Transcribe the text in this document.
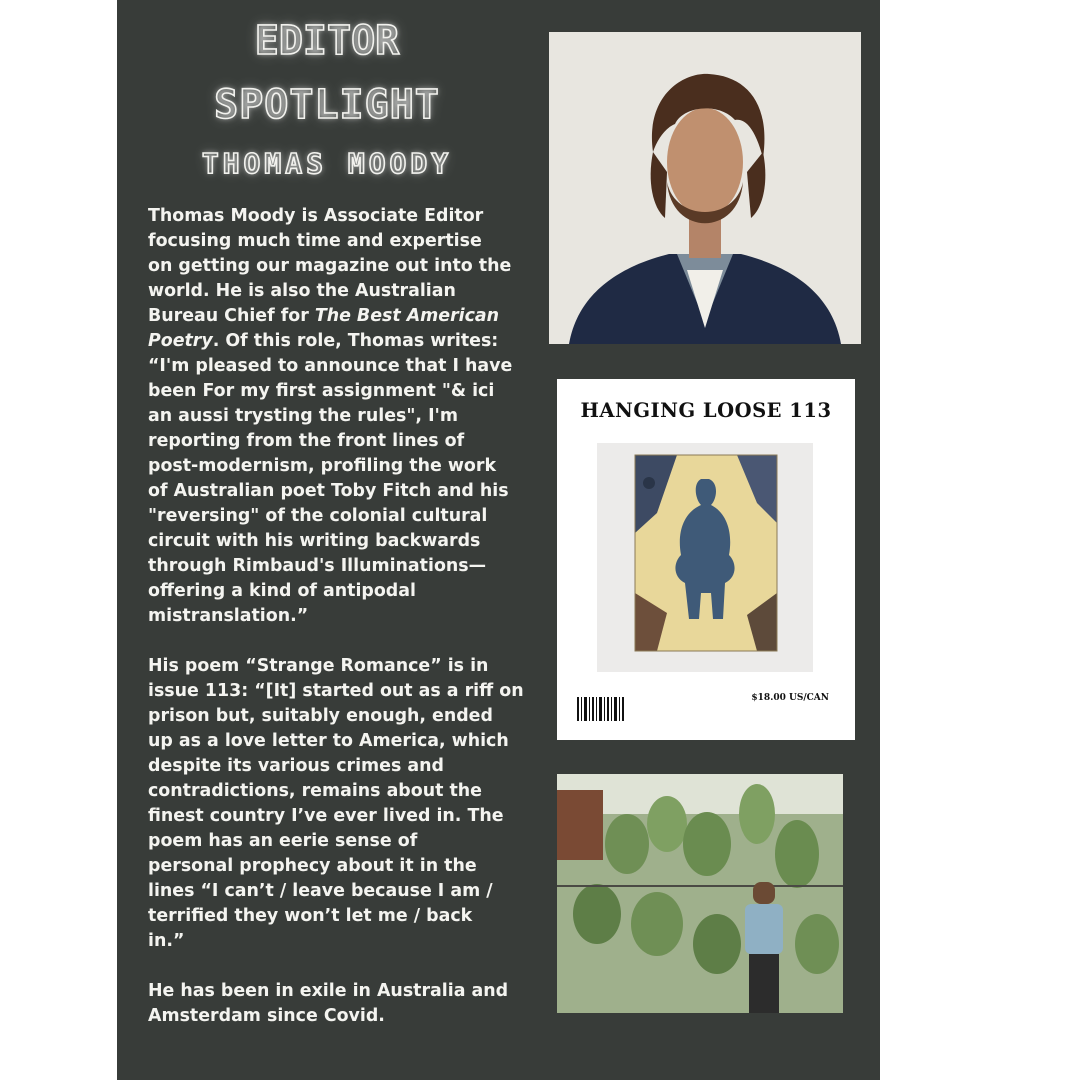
EDITOR
SPOTLIGHT
THOMAS MOODY

Thomas Moody is Associate Editor
focusing much time and expertise
on getting our magazine out into the
world. He is also the Australian
Bureau Chief for The Best American
Poetry. Of this role, Thomas writes:
“I'm pleased to announce that I have
been For my first assignment "& ici
an aussi trysting the rules", I'm
reporting from the front lines of
post-modernism, profiling the work
of Australian poet Toby Fitch and his
"reversing" of the colonial cultural
circuit with his writing backwards
through Rimbaud's Illuminations—
offering a kind of antipodal
mistranslation.”

His poem “Strange Romance” is in
issue 113: “[It] started out as a riff on
prison but, suitably enough, ended
up as a love letter to America, which
despite its various crimes and
contradictions, remains about the
finest country I’ve ever lived in. The
poem has an eerie sense of
personal prophecy about it in the
lines “I can’t / leave because I am /
terrified they won’t let me / back
in.”

He has been in exile in Australia and
Amsterdam since Covid.

HANGING LOOSE 113
$18.00 US/CAN
